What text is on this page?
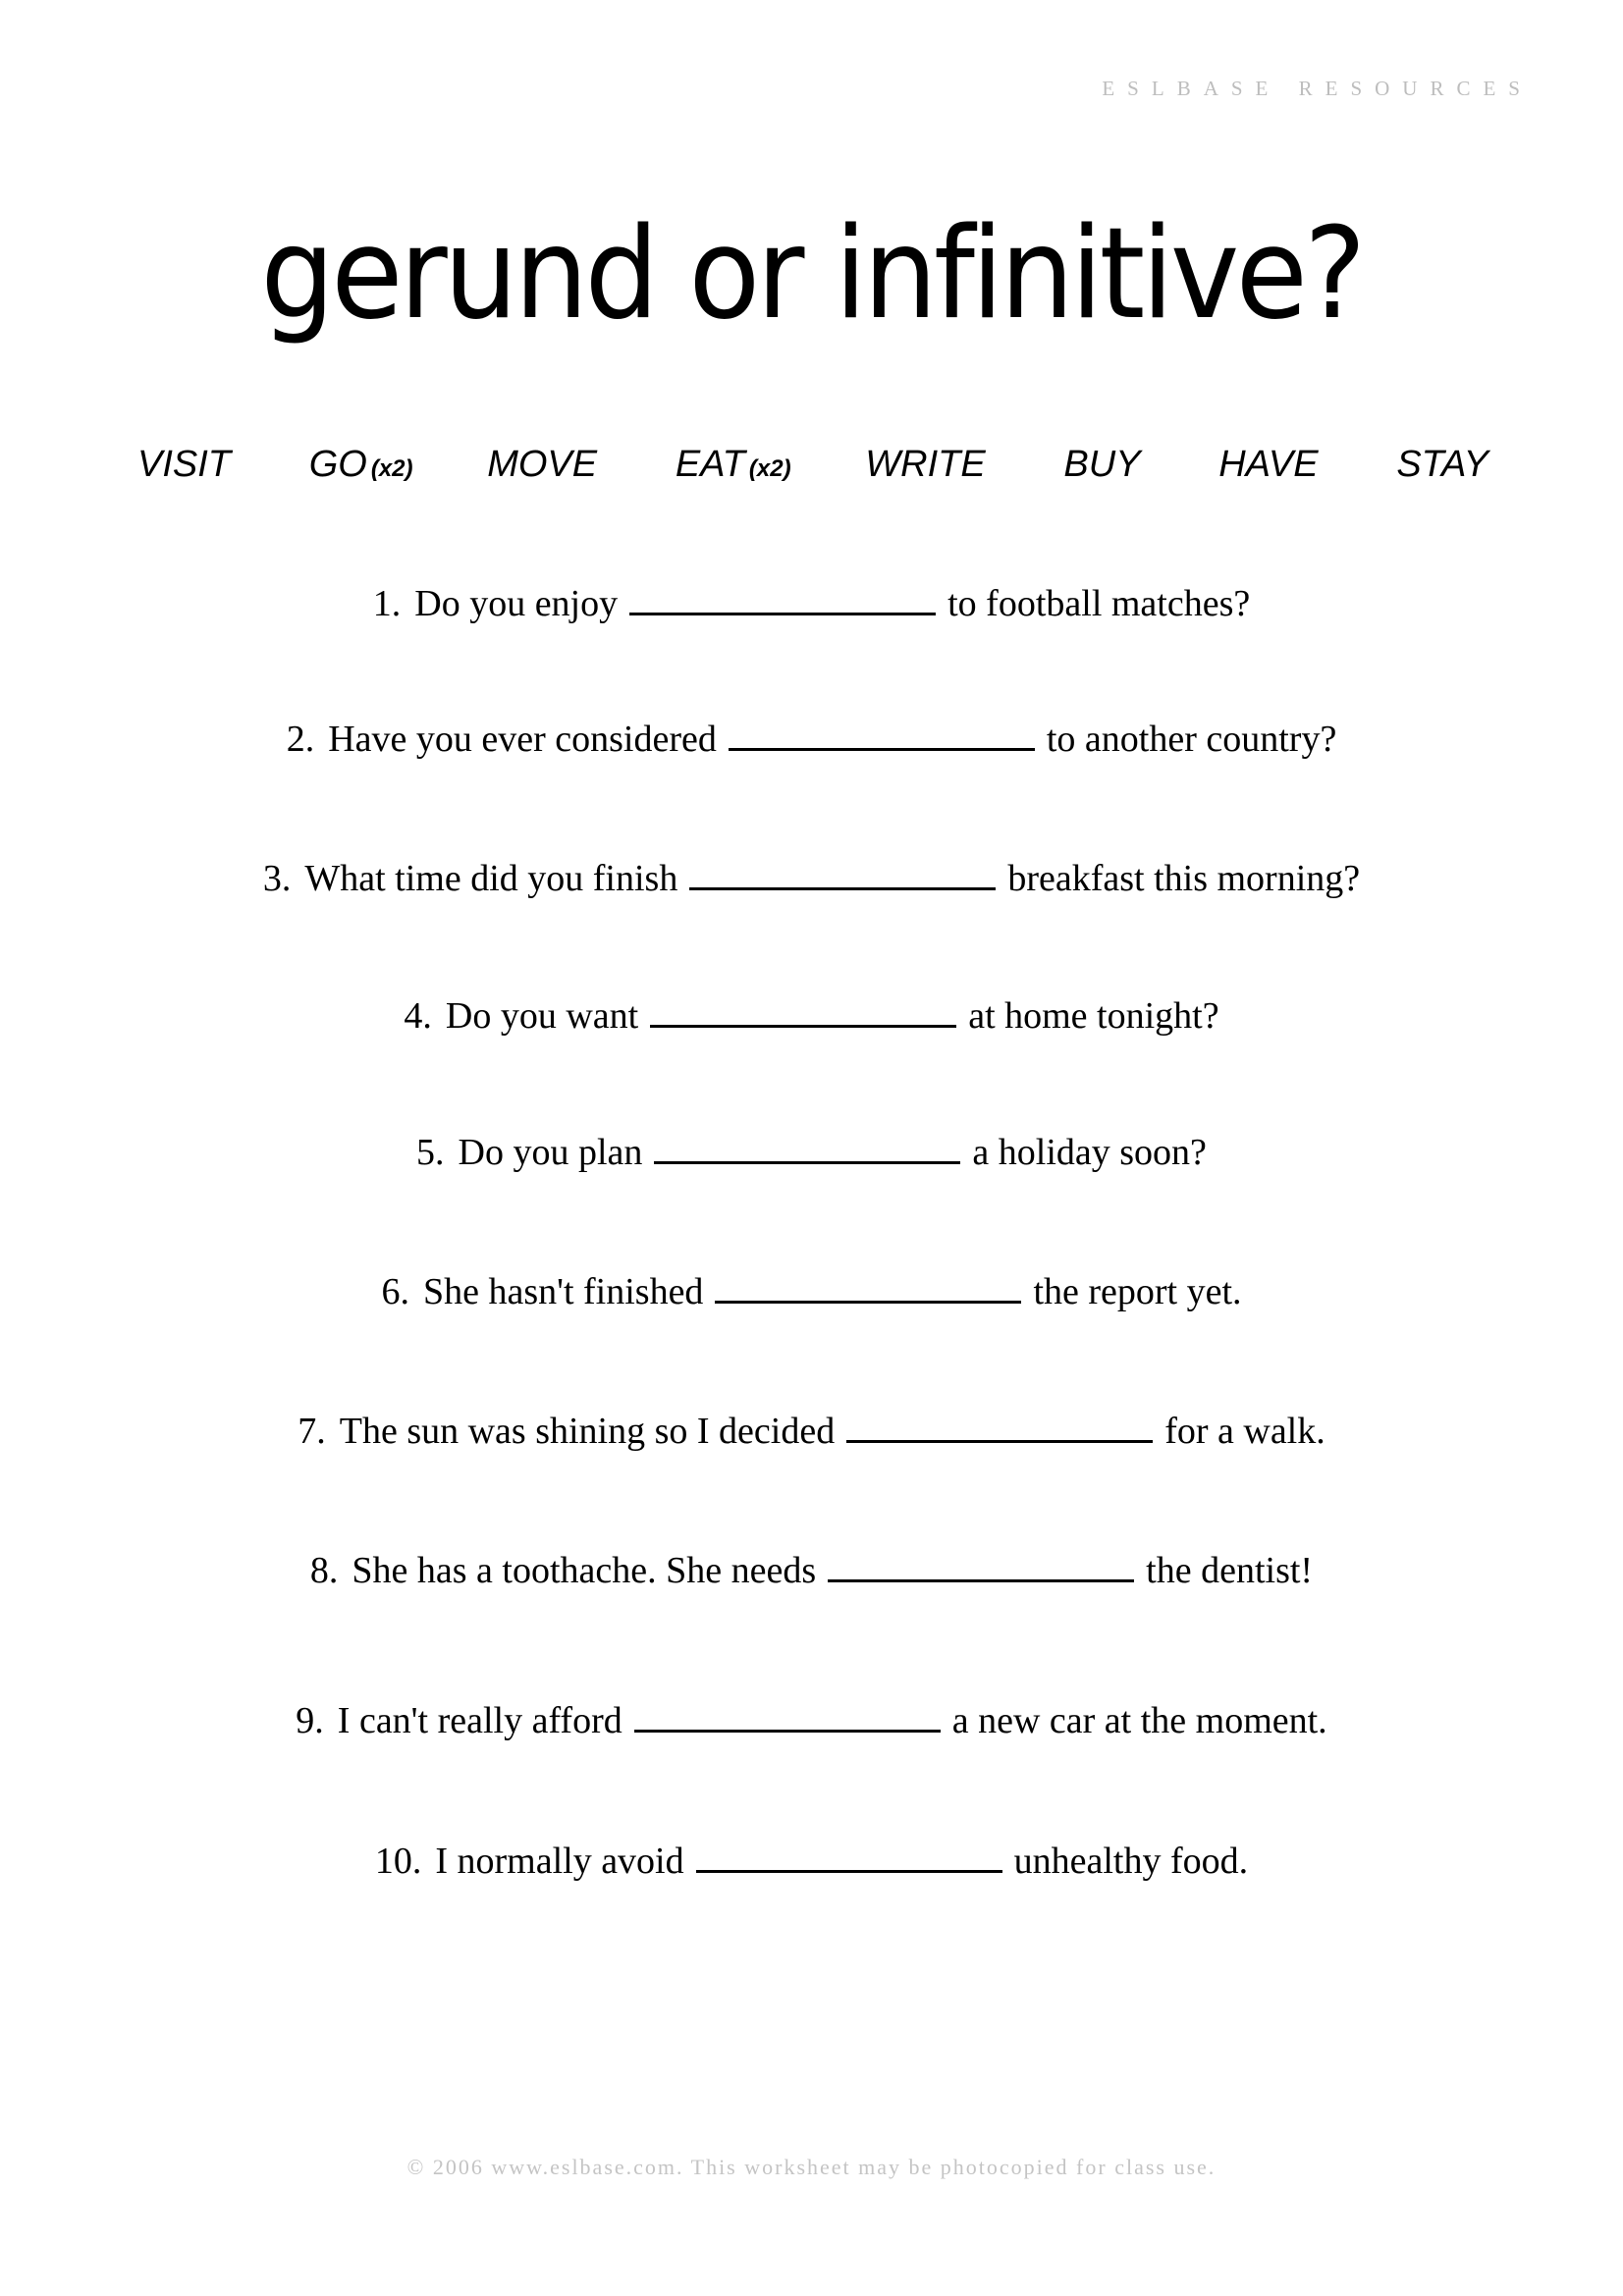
ESLBASE RESOURCES
gerund or infinitive?
VISIT GO (x2) MOVE EAT (x2) WRITE BUY HAVE STAY
1. Do you enjoy	to football matches?
2. Have you ever considered	to another country?
3. What time did you finish	breakfast this morning?
4. Do you want	at home tonight?
5. Do you plan	a holiday soon?
6. She hasn't finished	the report yet.
7. The sun was shining so I decided	for a walk.
8. She has a toothache. She needs	the dentist!
9. I can't really afford	a new car at the moment.
10. I normally avoid	unhealthy food.
© 2006 www.eslbase.com. This worksheet may be photocopied for class use.
